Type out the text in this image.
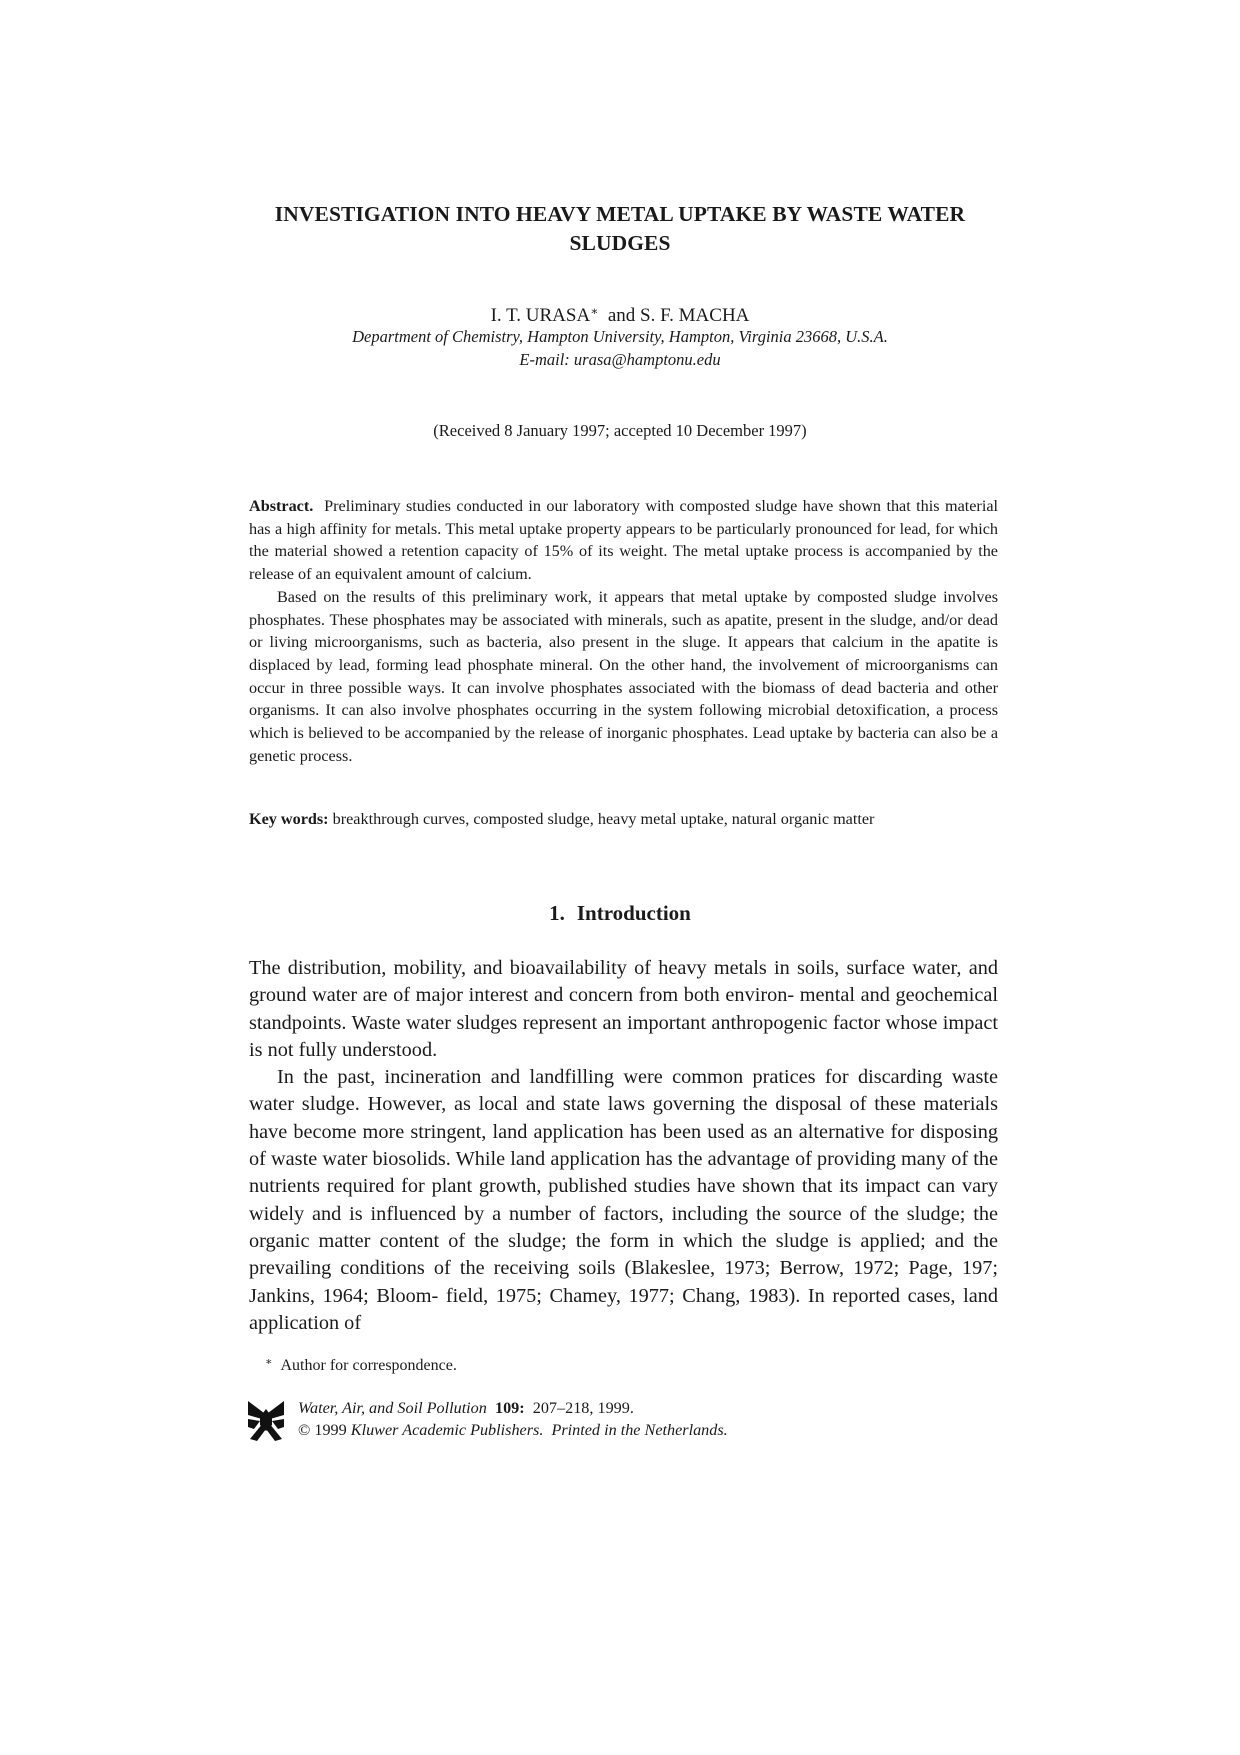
INVESTIGATION INTO HEAVY METAL UPTAKE BY WASTE WATER
SLUDGES
I. T. URASA∗ and S. F. MACHA
Department of Chemistry, Hampton University, Hampton, Virginia 23668, U.S.A.
E-mail: urasa@hamptonu.edu
(Received 8 January 1997; accepted 10 December 1997)

Abstract. Preliminary studies conducted in our laboratory with composted sludge have shown that this material has a high affinity for metals. This metal uptake property appears to be particularly pronounced for lead, for which the material showed a retention capacity of 15% of its weight. The metal uptake process is accompanied by the release of an equivalent amount of calcium.

Based on the results of this preliminary work, it appears that metal uptake by composted sludge involves phosphates. These phosphates may be associated with minerals, such as apatite, present in the sludge, and/or dead or living microorganisms, such as bacteria, also present in the sluge. It appears that calcium in the apatite is displaced by lead, forming lead phosphate mineral. On the other hand, the involvement of microorganisms can occur in three possible ways. It can involve phosphates associated with the biomass of dead bacteria and other organisms. It can also involve phosphates occurring in the system following microbial detoxification, a process which is believed to be accompanied by the release of inorganic phosphates. Lead uptake by bacteria can also be a genetic process.

Key words: breakthrough curves, composted sludge, heavy metal uptake, natural organic matter
1. Introduction

The distribution, mobility, and bioavailability of heavy metals in soils, surface water, and ground water are of major interest and concern from both environ- mental and geochemical standpoints. Waste water sludges represent an important anthropogenic factor whose impact is not fully understood.

In the past, incineration and landfilling were common pratices for discarding waste water sludge. However, as local and state laws governing the disposal of these materials have become more stringent, land application has been used as an alternative for disposing of waste water biosolids. While land application has the advantage of providing many of the nutrients required for plant growth, published studies have shown that its impact can vary widely and is influenced by a number of factors, including the source of the sludge; the organic matter content of the sludge; the form in which the sludge is applied; and the prevailing conditions of the receiving soils (Blakeslee, 1973; Berrow, 1972; Page, 197; Jankins, 1964; Bloom- field, 1975; Chamey, 1977; Chang, 1983). In reported cases, land application of

∗ Author for correspondence.
Water, Air, and Soil Pollution 109: 207–218, 1999.
© 1999 Kluwer Academic Publishers. Printed in the Netherlands.
